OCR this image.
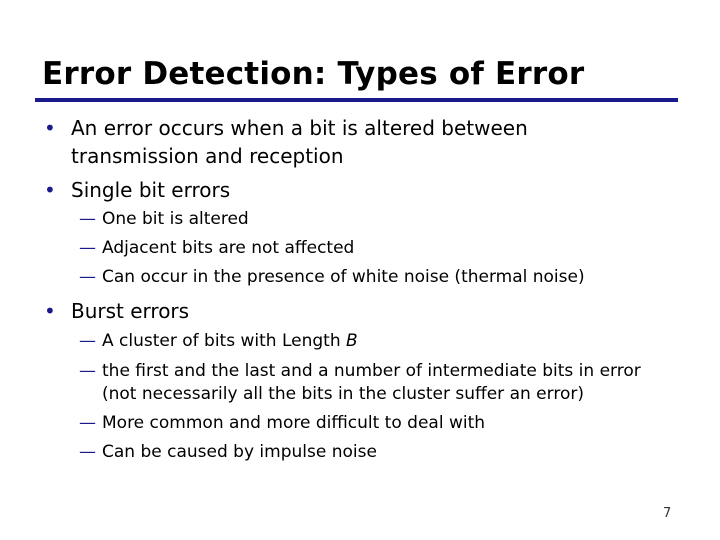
Error Detection: Types of Error
• An error occurs when a bit is altered between
transmission and reception
• Single bit errors
— One bit is altered
— Adjacent bits are not affected
— Can occur in the presence of white noise (thermal noise)
• Burst errors
— A cluster of bits with Length B
— the first and the last and a number of intermediate bits in error
(not necessarily all the bits in the cluster suffer an error)
— More common and more difficult to deal with
— Can be caused by impulse noise
7
